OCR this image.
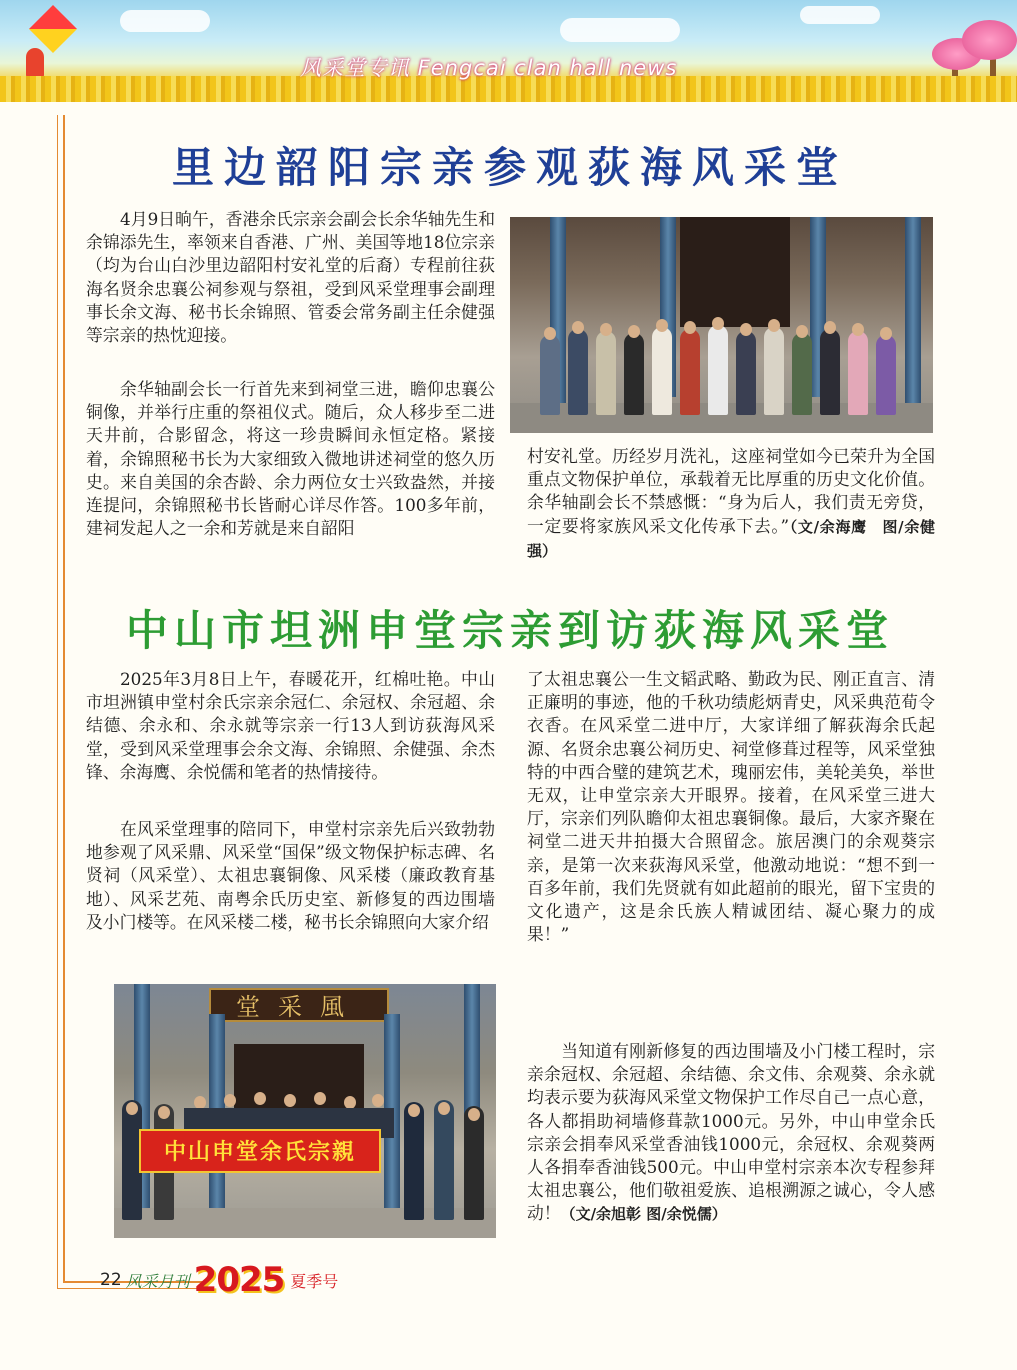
风采堂专讯 Fengcai clan hall news
里边韶阳宗亲参观荻海风采堂

4月9日晌午，香港余氏宗亲会副会长余华轴先生和余锦添先生，率领来自香港、广州、美国等地18位宗亲（均为台山白沙里边韶阳村安礼堂的后裔）专程前往荻海名贤余忠襄公祠参观与祭祖，受到风采堂理事会副理事长余文海、秘书长余锦照、管委会常务副主任余健强等宗亲的热忱迎接。

余华轴副会长一行首先来到祠堂三进，瞻仰忠襄公铜像，并举行庄重的祭祖仪式。随后，众人移步至二进天井前，合影留念，将这一珍贵瞬间永恒定格。紧接着，余锦照秘书长为大家细致入微地讲述祠堂的悠久历史。来自美国的余杏龄、余力两位女士兴致盎然，并接连提问，余锦照秘书长皆耐心详尽作答。100多年前，建祠发起人之一余和芳就是来自韶阳

村安礼堂。历经岁月洗礼，这座祠堂如今已荣升为全国重点文物保护单位，承载着无比厚重的历史文化价值。余华轴副会长不禁感慨：“身为后人，我们责无旁贷，一定要将家族风采文化传承下去。”（文/余海鹰　图/余健强）

中山市坦洲申堂宗亲到访荻海风采堂

2025年3月8日上午，春暖花开，红棉吐艳。中山市坦洲镇申堂村余氏宗亲余冠仁、余冠权、余冠超、余结德、余永和、余永就等宗亲一行13人到访荻海风采堂，受到风采堂理事会余文海、余锦照、余健强、余杰锋、余海鹰、余悦儒和笔者的热情接待。

在风采堂理事的陪同下，申堂村宗亲先后兴致勃勃地参观了风采鼎、风采堂“国保”级文物保护标志碑、名贤祠（风采堂）、太祖忠襄铜像、风采楼（廉政教育基地）、风采艺苑、南粤余氏历史室、新修复的西边围墙及小门楼等。在风采楼二楼，秘书长余锦照向大家介绍

堂采風
中山申堂余氏宗親

了太祖忠襄公一生文韬武略、勤政为民、刚正直言、清正廉明的事迹，他的千秋功绩彪炳青史，风采典范荀令衣香。在风采堂二进中厅，大家详细了解荻海余氏起源、名贤余忠襄公祠历史、祠堂修葺过程等，风采堂独特的中西合璧的建筑艺术，瑰丽宏伟，美轮美奂，举世无双，让申堂宗亲大开眼界。接着，在风采堂三进大厅，宗亲们列队瞻仰太祖忠襄铜像。最后，大家齐聚在祠堂二进天井拍摄大合照留念。旅居澳门的余观葵宗亲，是第一次来荻海风采堂，他激动地说：“想不到一百多年前，我们先贤就有如此超前的眼光，留下宝贵的文化遗产，这是余氏族人精诚团结、凝心聚力的成果！”

当知道有刚新修复的西边围墙及小门楼工程时，宗亲余冠权、余冠超、余结德、余文伟、余观葵、余永就均表示要为荻海风采堂文物保护工作尽自己一点心意，各人都捐助祠墙修葺款1000元。另外，中山申堂余氏宗亲会捐奉风采堂香油钱1000元，余冠权、余观葵两人各捐奉香油钱500元。中山申堂村宗亲本次专程参拜太祖忠襄公，他们敬祖爱族、追根溯源之诚心，令人感动！（文/余旭彰 图/余悦儒）

22 风采月刊 2025 夏季号
